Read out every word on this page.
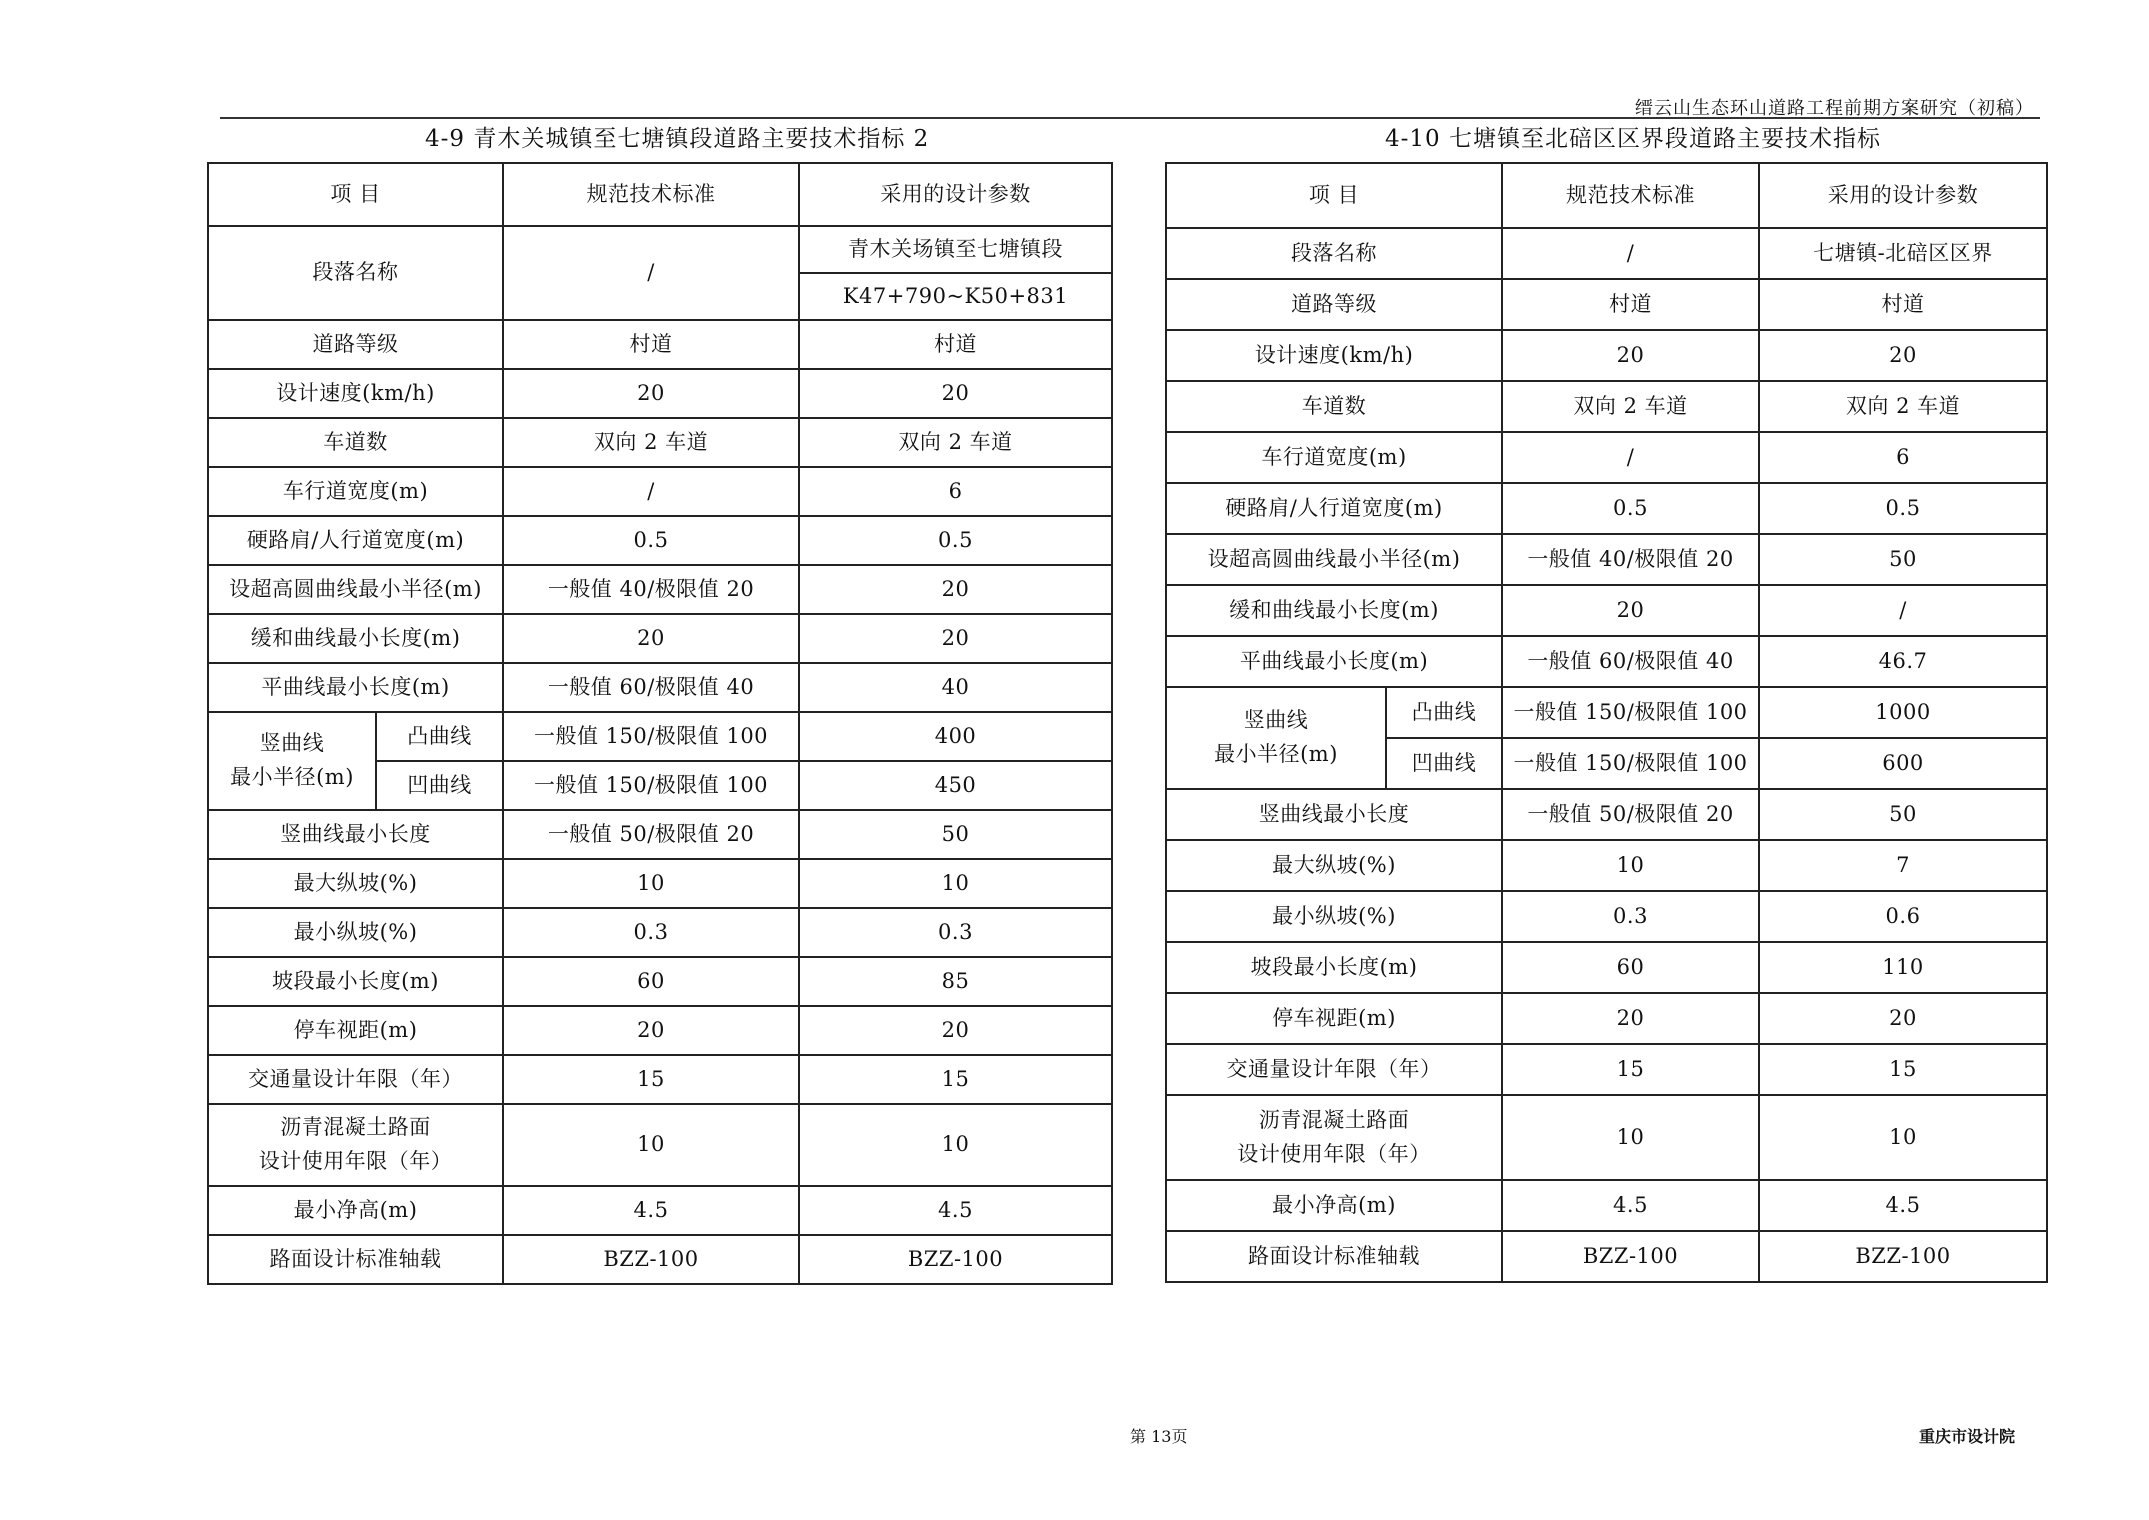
缙云山生态环山道路工程前期方案研究（初稿）
4-9 青木关城镇至七塘镇段道路主要技术指标 2	4-10 七塘镇至北碚区区界段道路主要技术指标
项 目		规范技术标准	采用的设计参数
段落名称		/	青木关场镇至七塘镇段
			K47+790~K50+831
道路等级		村道	村道
设计速度(km/h)		20	20
车道数		双向 2 车道	双向 2 车道
车行道宽度(m)		/	6
硬路肩/人行道宽度(m)		0.5	0.5
设超高圆曲线最小半径(m)		一般值 40/极限值 20	20
缓和曲线最小长度(m)		20	20
平曲线最小长度(m)		一般值 60/极限值 40	40
竖曲线
最小半径(m)	凸曲线	一般值 150/极限值 100	400
	凹曲线	一般值 150/极限值 100	450
竖曲线最小长度		一般值 50/极限值 20	50
最大纵坡(%)		10	10
最小纵坡(%)		0.3	0.3
坡段最小长度(m)		60	85
停车视距(m)		20	20
交通量设计年限（年）		15	15
沥青混凝土路面
设计使用年限（年）		10	10
最小净高(m)		4.5	4.5
路面设计标准轴载		BZZ-100	BZZ-100
项 目		规范技术标准	采用的设计参数
段落名称		/	七塘镇-北碚区区界
道路等级		村道	村道
设计速度(km/h)		20	20
车道数		双向 2 车道	双向 2 车道
车行道宽度(m)		/	6
硬路肩/人行道宽度(m)		0.5	0.5
设超高圆曲线最小半径(m)		一般值 40/极限值 20	50
缓和曲线最小长度(m)		20	/
平曲线最小长度(m)		一般值 60/极限值 40	46.7
竖曲线
最小半径(m)	凸曲线	一般值 150/极限值 100	1000
	凹曲线	一般值 150/极限值 100	600
竖曲线最小长度		一般值 50/极限值 20	50
最大纵坡(%)		10	7
最小纵坡(%)		0.3	0.6
坡段最小长度(m)		60	110
停车视距(m)		20	20
交通量设计年限（年）		15	15
沥青混凝土路面
设计使用年限（年）		10	10
最小净高(m)		4.5	4.5
路面设计标准轴载		BZZ-100	BZZ-100
第 13页	重庆市设计院
